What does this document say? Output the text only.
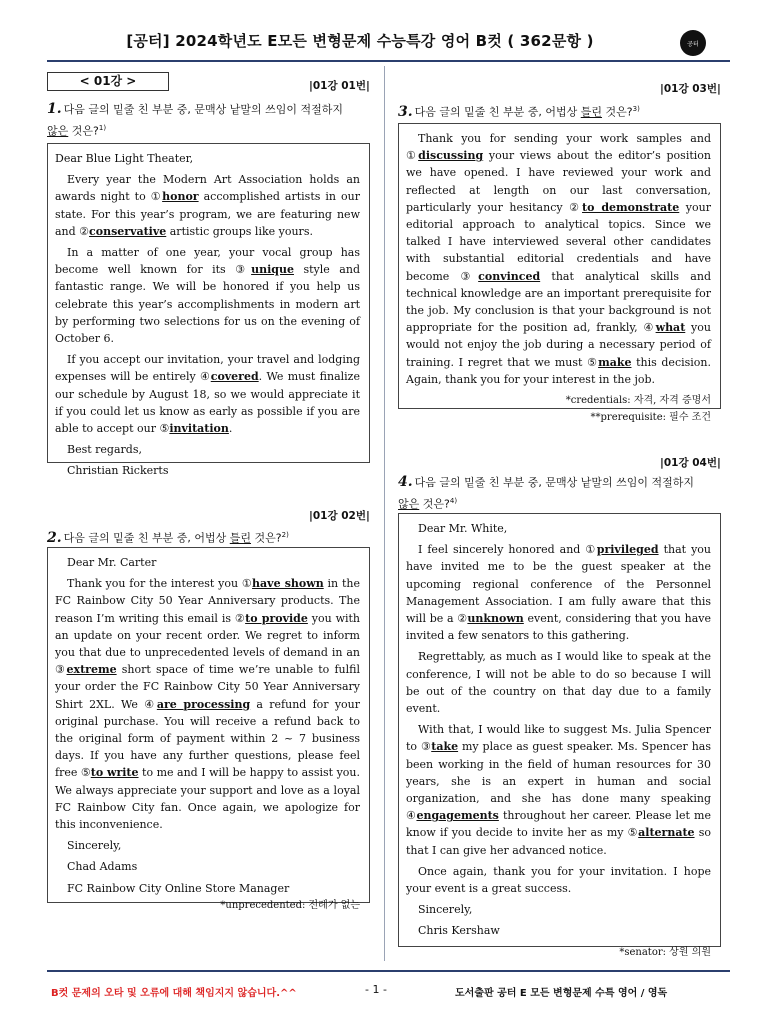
[공터] 2024학년도 E모든 변형문제 수능특강 영어 B컷 ( 362문항 )	공터
< 01강 >	|01강 01번|
1. 다음 글의 밑줄 친 부분 중, 문맥상 낱말의 쓰임이 적절하지
않은 것은?$^{1)}$

Dear Blue Light Theater,

Every year the Modern Art Association holds an awards night to ①honor accomplished artists in our state. For this year’s program, we are featuring new and ②conservative artistic groups like yours.

In a matter of one year, your vocal group has become well known for its ③unique style and fantastic range. We will be honored if you help us celebrate this year’s accomplishments in modern art by performing two selections for us on the evening of October 6.

If you accept our invitation, your travel and lodging expenses will be entirely ④covered. We must finalize our schedule by August 18, so we would appreciate it if you could let us know as early as possible if you are able to accept our ⑤invitation.

Best regards,

Christian Rickerts

|01강 02번|
2. 다음 글의 밑줄 친 부분 중, 어법상 틀린 것은?$^{2)}$

Dear Mr. Carter

Thank you for the interest you ①have shown in the FC Rainbow City 50 Year Anniversary products. The reason I’m writing this email is ②to provide you with an update on your recent order. We regret to inform you that due to unprecedented levels of demand in an ③extreme short space of time we’re unable to fulfil your order the FC Rainbow City 50 Year Anniversary Shirt 2XL. We ④are processing a refund for your original purchase. You will receive a refund back to the original form of payment within 2 ~ 7 business days. If you have any further questions, please feel free ⑤to write to me and I will be happy to assist you. We always appreciate your support and love as a loyal FC Rainbow City fan. Once again, we apologize for this inconvenience.

Sincerely,

Chad Adams

FC Rainbow City Online Store Manager

*unprecedented: 전례가 없는

|01강 03번|
3. 다음 글의 밑줄 친 부분 중, 어법상 틀린 것은?$^{3)}$

Thank you for sending your work samples and ①discussing your views about the editor’s position we have opened. I have reviewed your work and reflected at length on our last conversation, particularly your hesitancy ②to demonstrate your editorial approach to analytical topics. Since we talked I have interviewed several other candidates with substantial editorial credentials and have become ③convinced that analytical skills and technical knowledge are an important prerequisite for the job. My conclusion is that your background is not appropriate for the position ad, frankly, ④what you would not enjoy the job during a necessary period of training. I regret that we must ⑤make this decision. Again, thank you for your interest in the job.

*credentials: 자격, 자격 증명서

**prerequisite: 필수 조건

|01강 04번|
4. 다음 글의 밑줄 친 부분 중, 문맥상 낱말의 쓰임이 적절하지
않은 것은?$^{4)}$

Dear Mr. White,

I feel sincerely honored and ①privileged that you have invited me to be the guest speaker at the upcoming regional conference of the Personnel Management Association. I am fully aware that this will be a ②unknown event, considering that you have invited a few senators to this gathering.

Regrettably, as much as I would like to speak at the conference, I will not be able to do so because I will be out of the country on that day due to a family event.

With that, I would like to suggest Ms. Julia Spencer to ③take my place as guest speaker. Ms. Spencer has been working in the field of human resources for 30 years, she is an expert in human and social organization, and she has done many speaking ④engagements throughout her career. Please let me know if you decide to invite her as my ⑤alternate so that I can give her advanced notice.

Once again, thank you for your invitation. I hope your event is a great success.

Sincerely,

Chris Kershaw

*senator: 상원 의원

B컷 문제의 오타 및 오류에 대해 책임지지 않습니다.^^	- 1 -	도서출판 공터 E 모든 변형문제 수특 영어 / 영독
